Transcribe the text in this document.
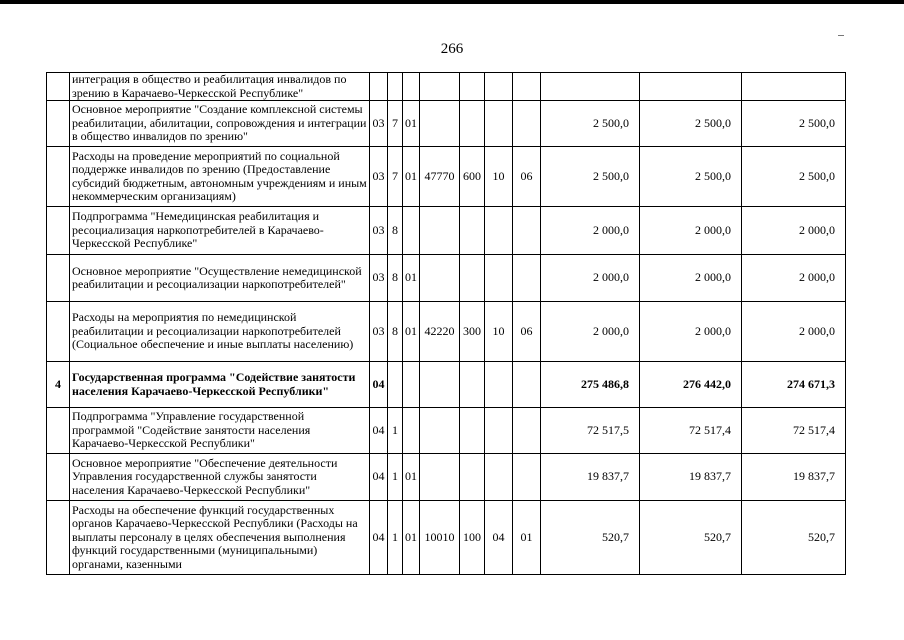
266
	интеграция в общество и реабилитация инвалидов по зрению в Карачаево-Черкесской Республике"										
	Основное мероприятие "Создание комплексной системы реабилитации, абилитации, сопровождения и интеграции в общество инвалидов по зрению"	03	7	01					2 500,0	2 500,0	2 500,0
	Расходы на проведение мероприятий по социальной поддержке инвалидов по зрению (Предоставление субсидий бюджетным, автономным учреждениям и иным некоммерческим организациям)	03	7	01	47770	600	10	06	2 500,0	2 500,0	2 500,0
	Подпрограмма "Немедицинская реабилитация и ресоциализация наркопотребителей в Карачаево-Черкесской Республике"	03	8						2 000,0	2 000,0	2 000,0
	Основное мероприятие "Осуществление немедицинской реабилитации и ресоциализации наркопотребителей"	03	8	01					2 000,0	2 000,0	2 000,0
	Расходы на мероприятия по немедицинской реабилитации и ресоциализации наркопотребителей (Социальное обеспечение и иные выплаты населению)	03	8	01	42220	300	10	06	2 000,0	2 000,0	2 000,0
4	Государственная программа "Содействие занятости населения Карачаево-Черкесской Республики"	04							275 486,8	276 442,0	274 671,3
	Подпрограмма "Управление государственной программой "Содействие занятости населения Карачаево-Черкесской Республики"	04	1						72 517,5	72 517,4	72 517,4
	Основное мероприятие "Обеспечение деятельности Управления государственной службы занятости населения Карачаево-Черкесской Республики"	04	1	01					19 837,7	19 837,7	19 837,7
	Расходы на обеспечение функций государственных органов Карачаево-Черкесской Республики (Расходы на выплаты персоналу в целях обеспечения выполнения функций государственными (муниципальными) органами, казенными	04	1	01	10010	100	04	01	520,7	520,7	520,7
